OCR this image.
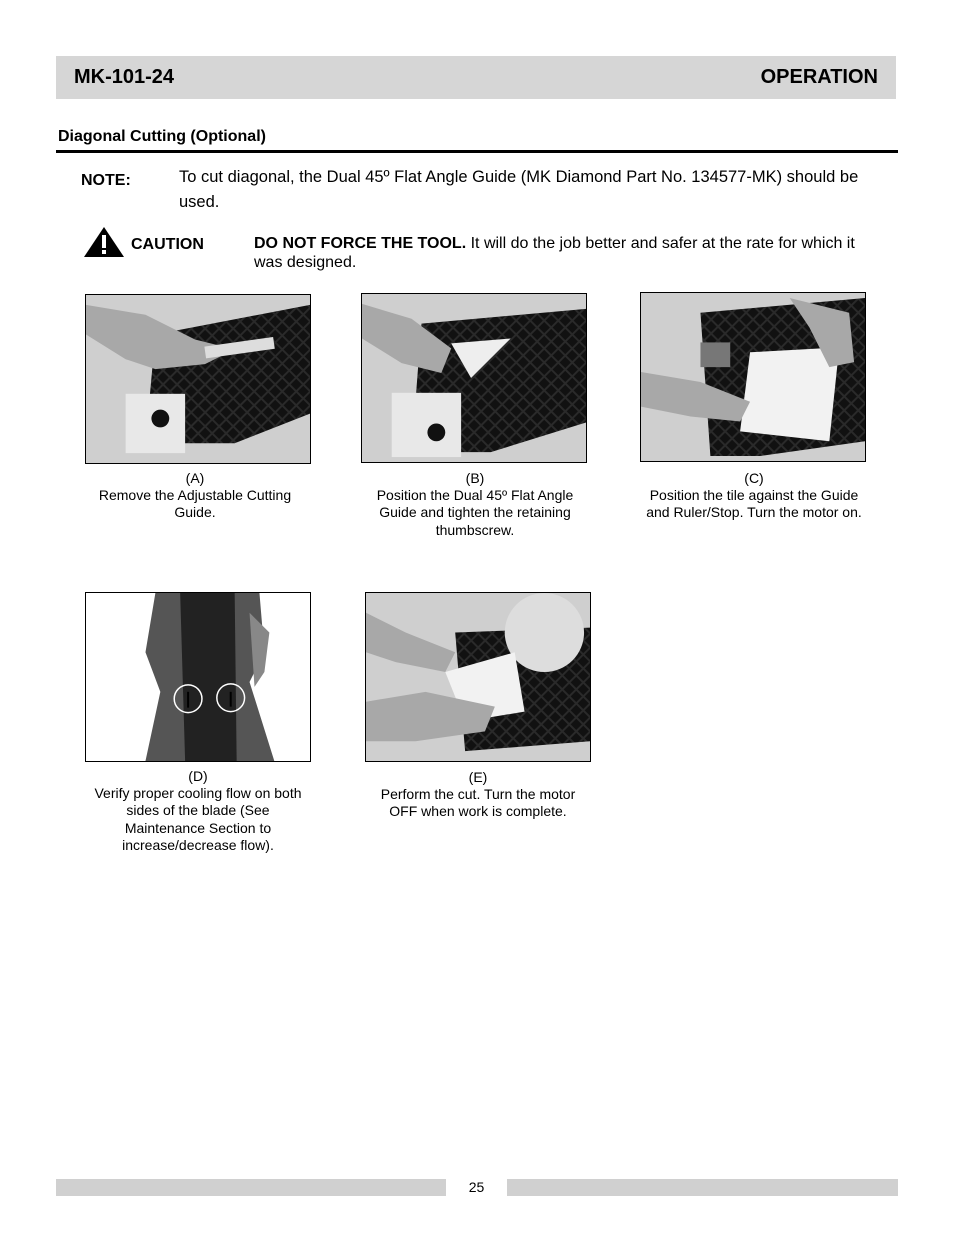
MK-101-24	OPERATION
Diagonal Cutting (Optional)
NOTE:	To cut diagonal, the Dual 45º Flat Angle Guide (MK Diamond Part No. 134577-MK) should be used.
CAUTION	DO NOT FORCE THE TOOL. It will do the job better and safer at the rate for which it was designed.
(A)
Remove the Adjustable Cutting Guide.
(B)
Position the Dual 45º Flat Angle Guide and tighten the retaining thumbscrew.
(C)
Position the tile against the Guide and Ruler/Stop. Turn the motor on.
(D)
Verify proper cooling flow on both sides of the blade (See Maintenance Section to increase/decrease flow).
(E)
Perform the cut. Turn the motor OFF when work is complete.
25
